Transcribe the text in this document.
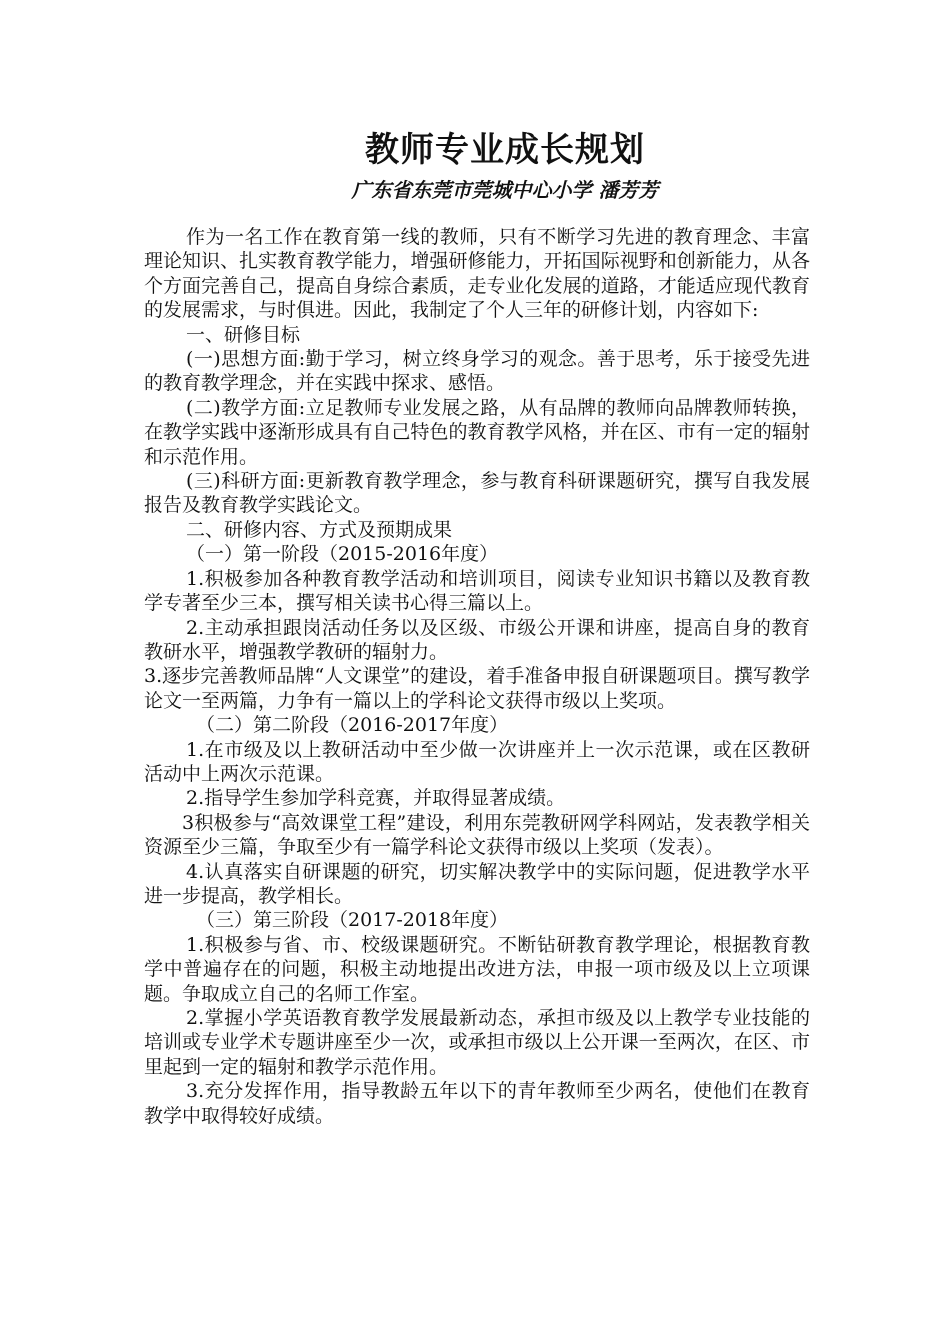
教师专业成长规划
广东省东莞市莞城中心小学 潘芳芳

作为一名工作在教育第一线的教师，只有不断学习先进的教育理念、丰富理论知识、扎实教育教学能力，增强研修能力，开拓国际视野和创新能力，从各个方面完善自己，提高自身综合素质，走专业化发展的道路，才能适应现代教育的发展需求，与时俱进。因此，我制定了个人三年的研修计划，内容如下:

一、研修目标

(一)思想方面:勤于学习，树立终身学习的观念。善于思考，乐于接受先进的教育教学理念，并在实践中探求、感悟。

(二)教学方面:立足教师专业发展之路，从有品牌的教师向品牌教师转换，在教学实践中逐渐形成具有自己特色的教育教学风格，并在区、市有一定的辐射和示范作用。

(三)科研方面:更新教育教学理念，参与教育科研课题研究，撰写自我发展报告及教育教学实践论文。

二、研修内容、方式及预期成果

（一）第一阶段（2015-2016年度）

1.积极参加各种教育教学活动和培训项目，阅读专业知识书籍以及教育教学专著至少三本，撰写相关读书心得三篇以上。

2.主动承担跟岗活动任务以及区级、市级公开课和讲座，提高自身的教育教研水平，增强教学教研的辐射力。

3.逐步完善教师品牌“人文课堂”的建设，着手准备申报自研课题项目。撰写教学论文一至两篇，力争有一篇以上的学科论文获得市级以上奖项。

（二）第二阶段（2016-2017年度）

1.在市级及以上教研活动中至少做一次讲座并上一次示范课，或在区教研活动中上两次示范课。

2.指导学生参加学科竞赛，并取得显著成绩。

3积极参与“高效课堂工程”建设，利用东莞教研网学科网站，发表教学相关资源至少三篇，争取至少有一篇学科论文获得市级以上奖项（发表）。

4.认真落实自研课题的研究，切实解决教学中的实际问题，促进教学水平进一步提高，教学相长。

（三）第三阶段（2017-2018年度）

1.积极参与省、市、校级课题研究。不断钻研教育教学理论，根据教育教学中普遍存在的问题，积极主动地提出改进方法，申报一项市级及以上立项课题。争取成立自己的名师工作室。

2.掌握小学英语教育教学发展最新动态，承担市级及以上教学专业技能的培训或专业学术专题讲座至少一次，或承担市级以上公开课一至两次，在区、市里起到一定的辐射和教学示范作用。

3.充分发挥作用，指导教龄五年以下的青年教师至少两名，使他们在教育教学中取得较好成绩。
